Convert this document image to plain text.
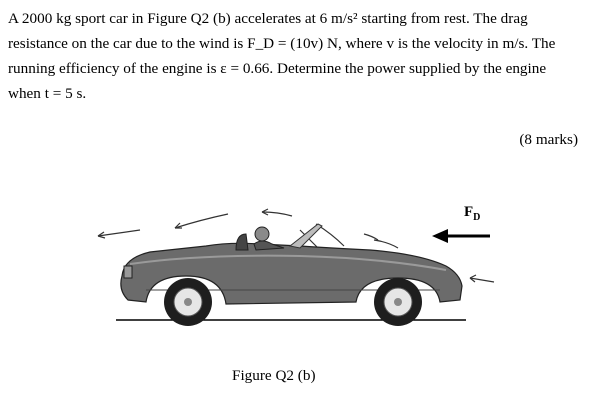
A 2000 kg sport car in Figure Q2 (b) accelerates at 6 m/s² starting from rest. The drag
resistance on the car due to the wind is F_D = (10v) N, where v is the velocity in m/s. The
running efficiency of the engine is ε = 0.66. Determine the power supplied by the engine
when t = 5 s.
(8 marks)
$F_D$
Figure Q2 (b)
